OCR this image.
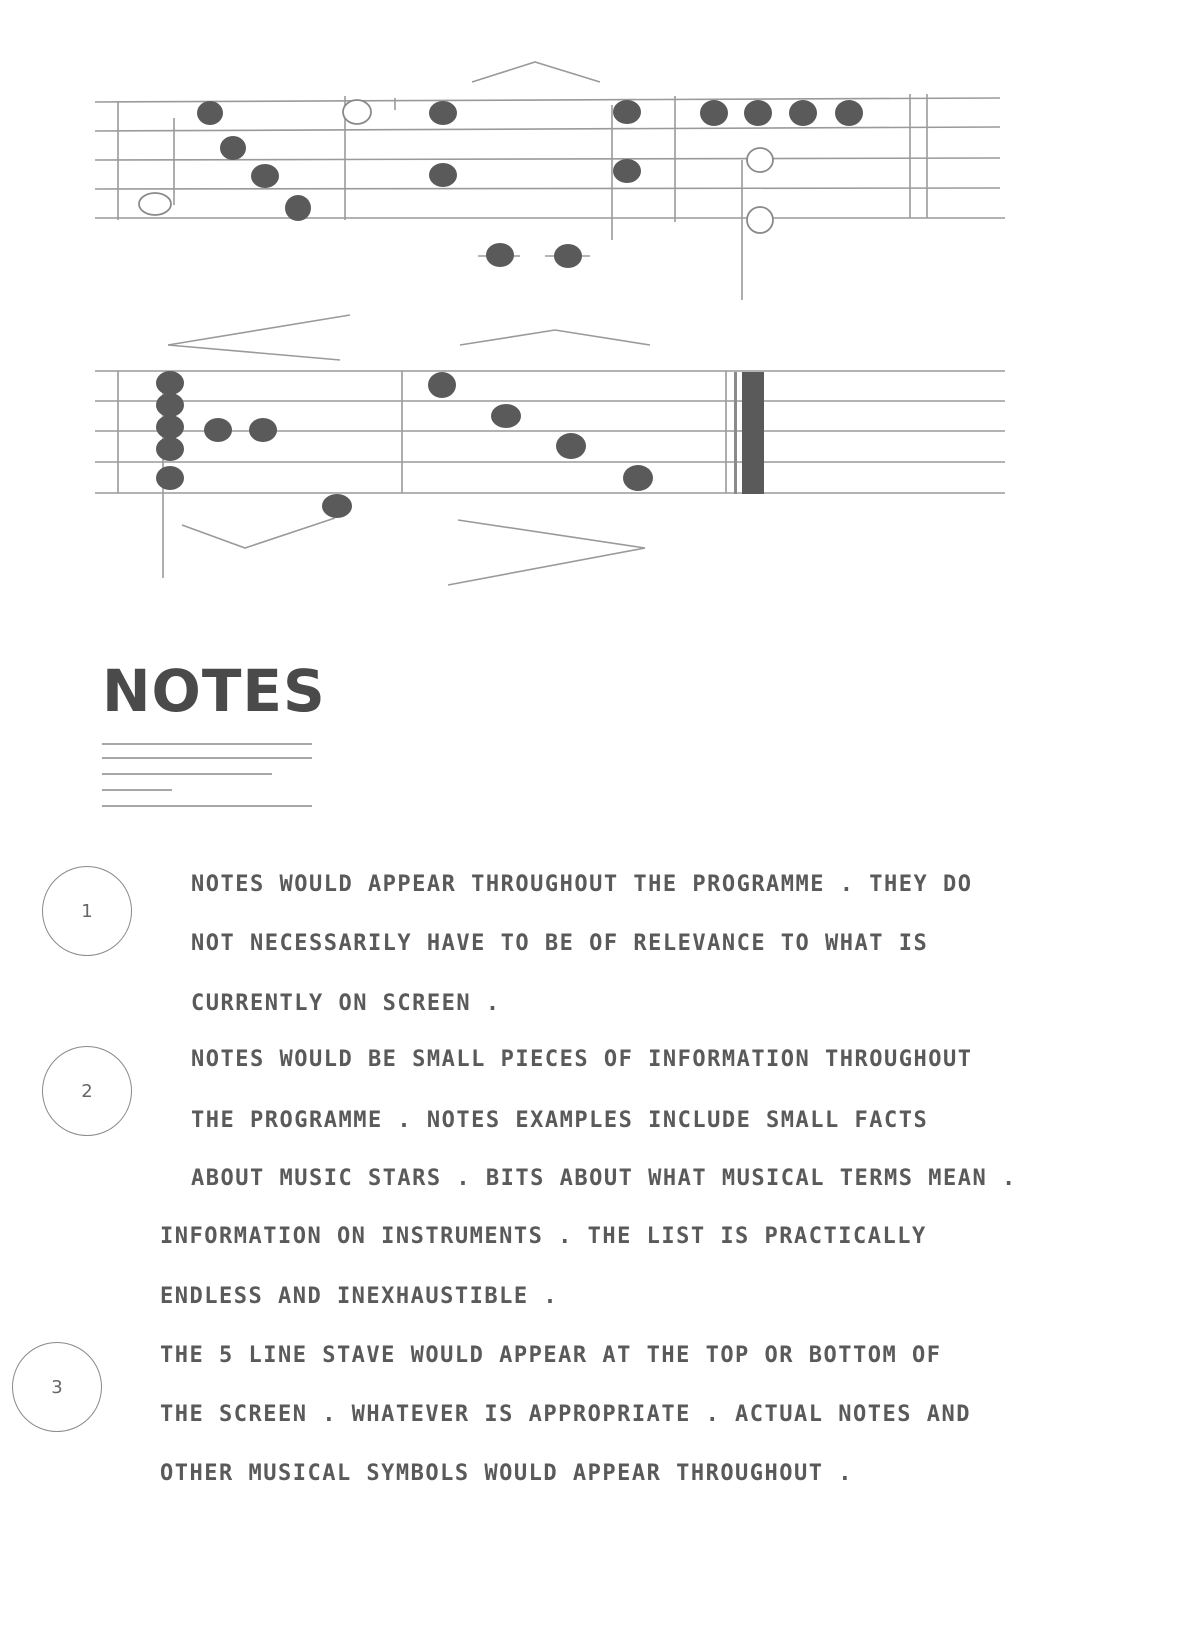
NOTES
1

NOTES WOULD APPEAR THROUGHOUT THE PROGRAMME . THEY DO

NOT NECESSARILY HAVE TO BE OF RELEVANCE TO WHAT IS

CURRENTLY ON SCREEN .

2

NOTES WOULD BE SMALL PIECES OF INFORMATION THROUGHOUT

THE PROGRAMME . NOTES EXAMPLES INCLUDE SMALL FACTS

ABOUT MUSIC STARS . BITS ABOUT WHAT MUSICAL TERMS MEAN .

INFORMATION ON INSTRUMENTS . THE LIST IS PRACTICALLY

ENDLESS AND INEXHAUSTIBLE .

3

THE 5 LINE STAVE WOULD APPEAR AT THE TOP OR BOTTOM OF

THE SCREEN . WHATEVER IS APPROPRIATE . ACTUAL NOTES AND

OTHER MUSICAL SYMBOLS WOULD APPEAR THROUGHOUT .
